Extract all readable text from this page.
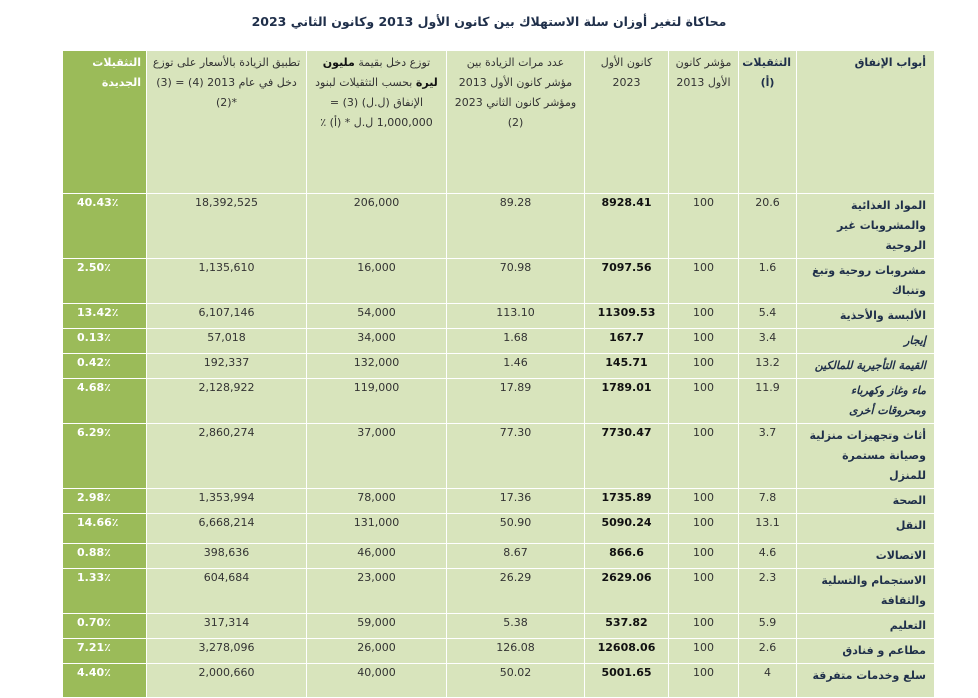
محاكاة لتغير أوزان سلة الاستهلاك بين كانون الأول 2013 وكانون الثاني 2023
أبواب الإنفاق	التثقيلات (أ)	مؤشر كانون الأول 2013	كانون الأول 2023	عدد مرات الزيادة بين مؤشر كانون الأول 2013 ومؤشر كانون الثاني 2023 (2)	توزع دخل بقيمة مليون ليرة بحسب التثقيلات لبنود الإنفاق (ل.ل) (3) = 1,000,000 ل.ل * (أ) ٪	تطبيق الزيادة بالأسعار على توزع دخل في عام 2013 (4) = (3) *(2)	التثقيلات الجديدة
المواد الغذائية والمشروبات غير الروحية	20.6	100	8928.41	89.28	206,000	18,392,525	40.43٪
مشروبات روحية وتبغ وتنباك	1.6	100	7097.56	70.98	16,000	1,135,610	2.50٪
الألبسة والأحذية	5.4	100	11309.53	113.10	54,000	6,107,146	13.42٪
إيجار	3.4	100	167.7	1.68	34,000	57,018	0.13٪
القيمة التأجيرية للمالكين	13.2	100	145.71	1.46	132,000	192,337	0.42٪
ماء وغاز وكهرباء ومحروقات أخرى	11.9	100	1789.01	17.89	119,000	2,128,922	4.68٪
أثاث وتجهيزات منزلية وصيانة مستمرة للمنزل	3.7	100	7730.47	77.30	37,000	2,860,274	6.29٪
الصحة	7.8	100	1735.89	17.36	78,000	1,353,994	2.98٪
النقل	13.1	100	5090.24	50.90	131,000	6,668,214	14.66٪
الاتصالات	4.6	100	866.6	8.67	46,000	398,636	0.88٪
الاستجمام والتسلية والثقافة	2.3	100	2629.06	26.29	23,000	604,684	1.33٪
التعليم	5.9	100	537.82	5.38	59,000	317,314	0.70٪
مطاعم و فنادق	2.6	100	12608.06	126.08	26,000	3,278,096	7.21٪
سلع وخدمات متفرقة	4	100	5001.65	50.02	40,000	2,000,660	4.40٪
